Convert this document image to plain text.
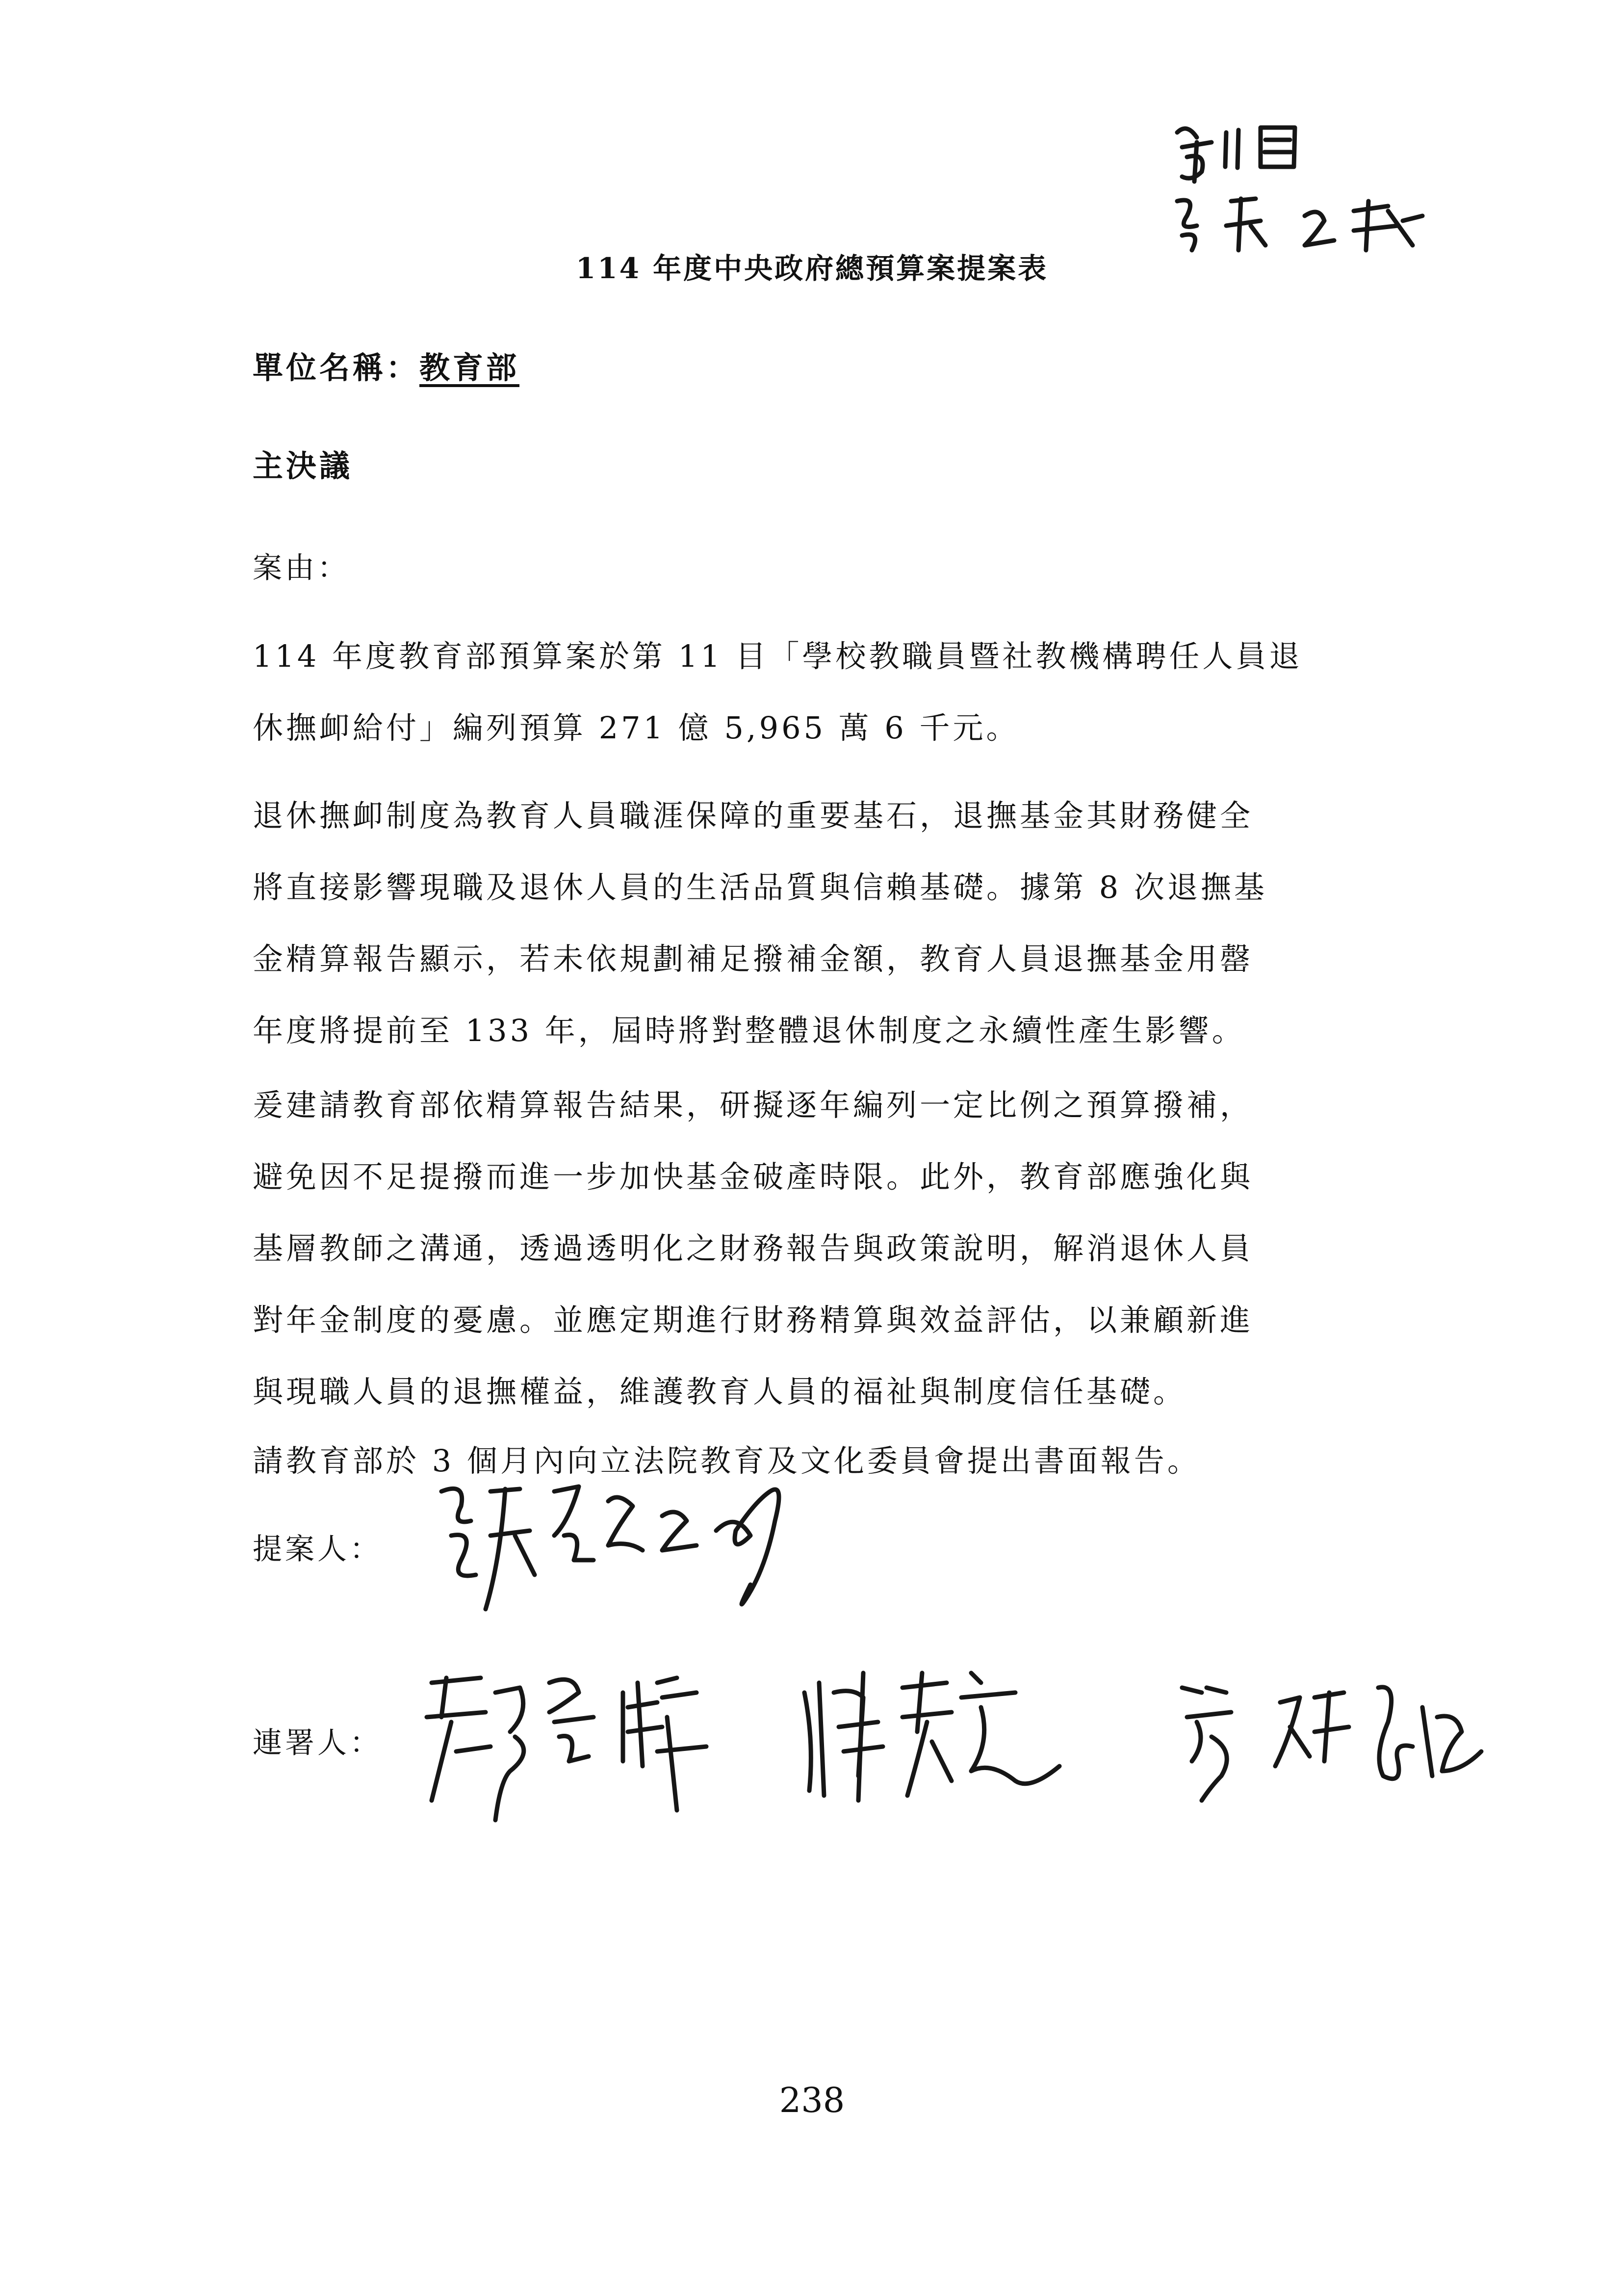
114 年度中央政府總預算案提案表
單位名稱：教育部
主決議
案由：

114 年度教育部預算案於第 11 目「學校教職員暨社教機構聘任人員退

休撫卹給付」編列預算 271 億 5,965 萬 6 千元。

退休撫卹制度為教育人員職涯保障的重要基石，退撫基金其財務健全

將直接影響現職及退休人員的生活品質與信賴基礎。據第 8 次退撫基

金精算報告顯示，若未依規劃補足撥補金額，教育人員退撫基金用罄

年度將提前至 133 年，屆時將對整體退休制度之永續性產生影響。

爰建請教育部依精算報告結果，研擬逐年編列一定比例之預算撥補，

避免因不足提撥而進一步加快基金破產時限。此外，教育部應強化與

基層教師之溝通，透過透明化之財務報告與政策說明，解消退休人員

對年金制度的憂慮。並應定期進行財務精算與效益評估，以兼顧新進

與現職人員的退撫權益，維護教育人員的福祉與制度信任基礎。

請教育部於 3 個月內向立法院教育及文化委員會提出書面報告。

提案人：
連署人：
238
